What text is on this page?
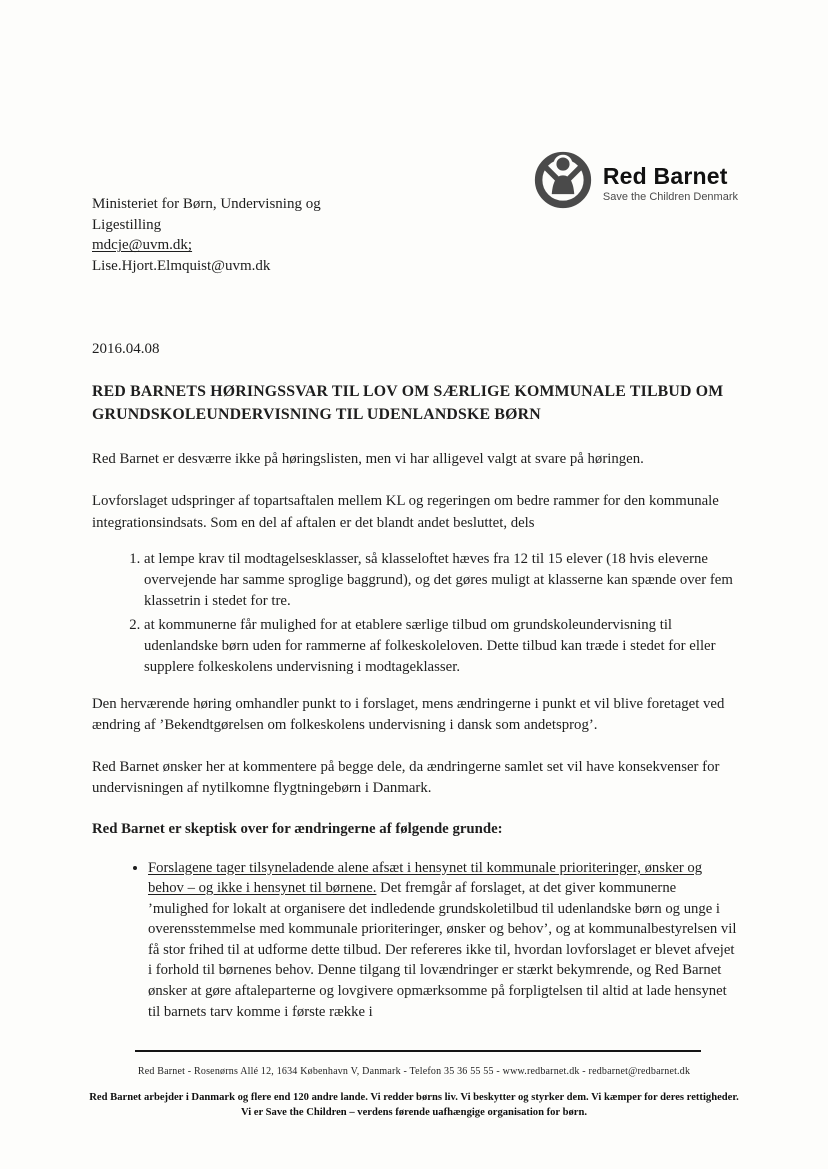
Ministeriet for Børn, Undervisning og
Ligestilling
mdcje@uvm.dk;
Lise.Hjort.Elmquist@uvm.dk
Red Barnet
Save the Children Denmark
2016.04.08
RED BARNETS HØRINGSSVAR TIL LOV OM SÆRLIGE KOMMUNALE TILBUD OM GRUNDSKOLEUNDERVISNING TIL UDENLANDSKE BØRN

Red Barnet er desværre ikke på høringslisten, men vi har alligevel valgt at svare på høringen.

Lovforslaget udspringer af topartsaftalen mellem KL og regeringen om bedre rammer for den kommunale integrationsindsats. Som en del af aftalen er det blandt andet besluttet, dels

1. at lempe krav til modtagelsesklasser, så klasseloftet hæves fra 12 til 15 elever (18 hvis eleverne overvejende har samme sproglige baggrund), og det gøres muligt at klasserne kan spænde over fem klassetrin i stedet for tre.
2. at kommunerne får mulighed for at etablere særlige tilbud om grundskoleundervisning til udenlandske børn uden for rammerne af folkeskoleloven. Dette tilbud kan træde i stedet for eller supplere folkeskolens undervisning i modtageklasser.

Den herværende høring omhandler punkt to i forslaget, mens ændringerne i punkt et vil blive foretaget ved ændring af ’Bekendtgørelsen om folkeskolens undervisning i dansk som andetsprog’.

Red Barnet ønsker her at kommentere på begge dele, da ændringerne samlet set vil have konsekvenser for undervisningen af nytilkomne flygtningebørn i Danmark.

Red Barnet er skeptisk over for ændringerne af følgende grunde:

• Forslagene tager tilsyneladende alene afsæt i hensynet til kommunale prioriteringer, ønsker og behov – og ikke i hensynet til børnene. Det fremgår af forslaget, at det giver kommunerne ’mulighed for lokalt at organisere det indledende grundskoletilbud til udenlandske børn og unge i overensstemmelse med kommunale prioriteringer, ønsker og behov’, og at kommunalbestyrelsen vil få stor frihed til at udforme dette tilbud. Der refereres ikke til, hvordan lovforslaget er blevet afvejet i forhold til børnenes behov. Denne tilgang til lovændringer er stærkt bekymrende, og Red Barnet ønsker at gøre aftaleparterne og lovgivere opmærksomme på forpligtelsen til altid at lade hensynet til barnets tarv komme i første række i
Red Barnet - Rosenørns Allé 12, 1634 København V, Danmark - Telefon 35 36 55 55 - www.redbarnet.dk - redbarnet@redbarnet.dk
Red Barnet arbejder i Danmark og flere end 120 andre lande. Vi redder børns liv. Vi beskytter og styrker dem. Vi kæmper for deres rettigheder.
Vi er Save the Children – verdens førende uafhængige organisation for børn.
